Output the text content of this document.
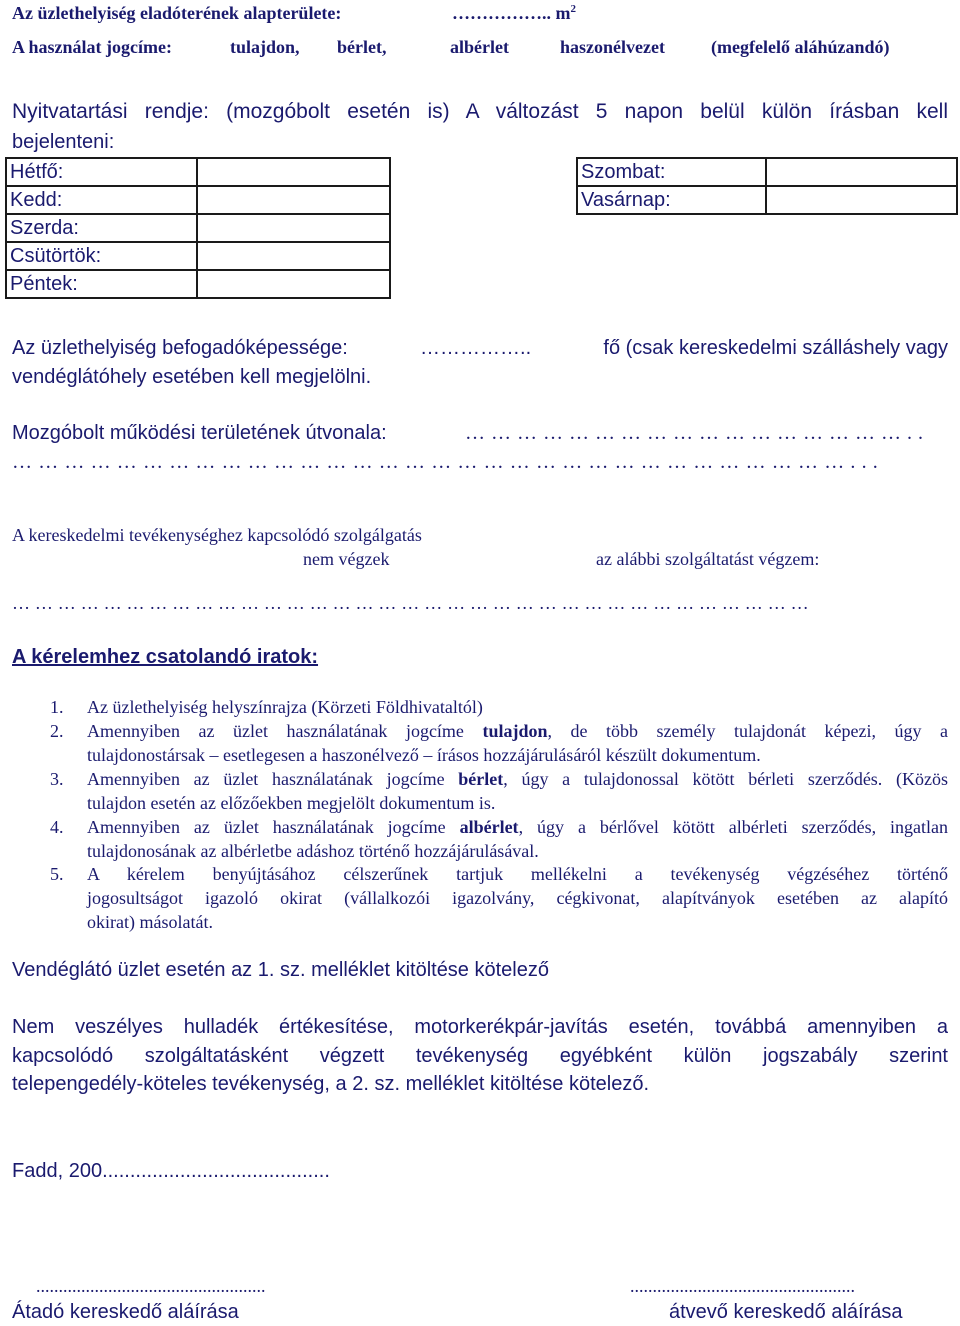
Az üzlethelyiség eladóterének alapterülete:	…………….. $m^2$
A használat jogcíme:	tulajdon, bérlet,	albérlet	haszonélvezet	(megfelelő aláhúzandó)
Nyitvatartási rendje: (mozgóbolt esetén is) A változást 5 napon belül külön írásban kell
bejelenteni:
Hétfő:	
Kedd:	
Szerda:	
Csütörtök:	
Péntek:	
Szombat:	
Vasárnap:	
Az üzlethelyiség befogadóképessége:	……………..	fő (csak kereskedelmi szálláshely vagy
vendéglátóhely esetében kell megjelölni.
Mozgóbolt működési területének útvonala:	……………………………………………..
……………………………………………………………………………………...
A kereskedelmi tevékenységhez kapcsolódó szolgálgatás
nem végzek	az alábbi szolgáltatást végzem:
……………………………………………………………………………………………
A kérelemhez csatolandó iratok:
1. Az üzlethelyiség helyszínrajza (Körzeti Földhivataltól)
2. Amennyiben az üzlet használatának jogcíme tulajdon, de több személy tulajdonát képezi, úgy a
tulajdonostársak – esetlegesen a haszonélvező – írásos hozzájárulásáról készült dokumentum.
3. Amennyiben az üzlet használatának jogcíme bérlet, úgy a tulajdonossal kötött bérleti szerződés. (Közös
tulajdon esetén az előzőekben megjelölt dokumentum is.
4. Amennyiben az üzlet használatának jogcíme albérlet, úgy a bérlővel kötött albérleti szerződés, ingatlan
tulajdonosának az albérletbe adáshoz történő hozzájárulásával.
5. A kérelem benyújtásához célszerűnek tartjuk mellékelni a tevékenység végzéséhez történő
jogosultságot igazoló okirat (vállalkozói igazolvány, cégkivonat, alapítványok esetében az alapító
okirat) másolatát.
Vendéglátó üzlet esetén az 1. sz. melléklet kitöltése kötelező
Nem veszélyes hulladék értékesítése, motorkerékpár-javítás esetén, továbbá amennyiben a
kapcsolódó szolgáltatásként végzett tevékenység egyébként külön jogszabály szerint
telepengedély-köteles tevékenység, a 2. sz. melléklet kitöltése kötelező.
Fadd, 200.........................................
...................................................	..................................................
Átadó kereskedő aláírása	átvevő kereskedő aláírása
